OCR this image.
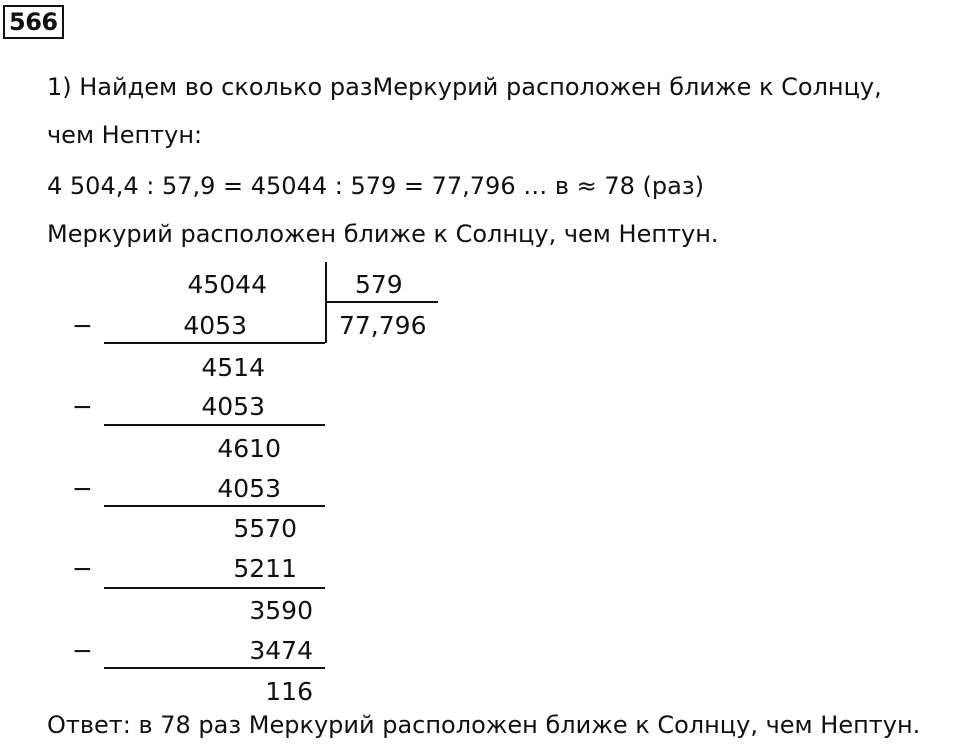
566
1) Найдем во сколько разМеркурий расположен ближе к Солнцу,
чем Нептун:
4 504,4 : 57,9 = 45044 : 579 = 77,796 … в ≈ 78 (раз)
Меркурий расположен ближе к Солнцу, чем Нептун.
45044	579
77,796
−	4053
4514
−	4053
4610
−	4053
5570
−	5211
3590
−	3474
116
Ответ: в 78 раз Меркурий расположен ближе к Солнцу, чем Нептун.
